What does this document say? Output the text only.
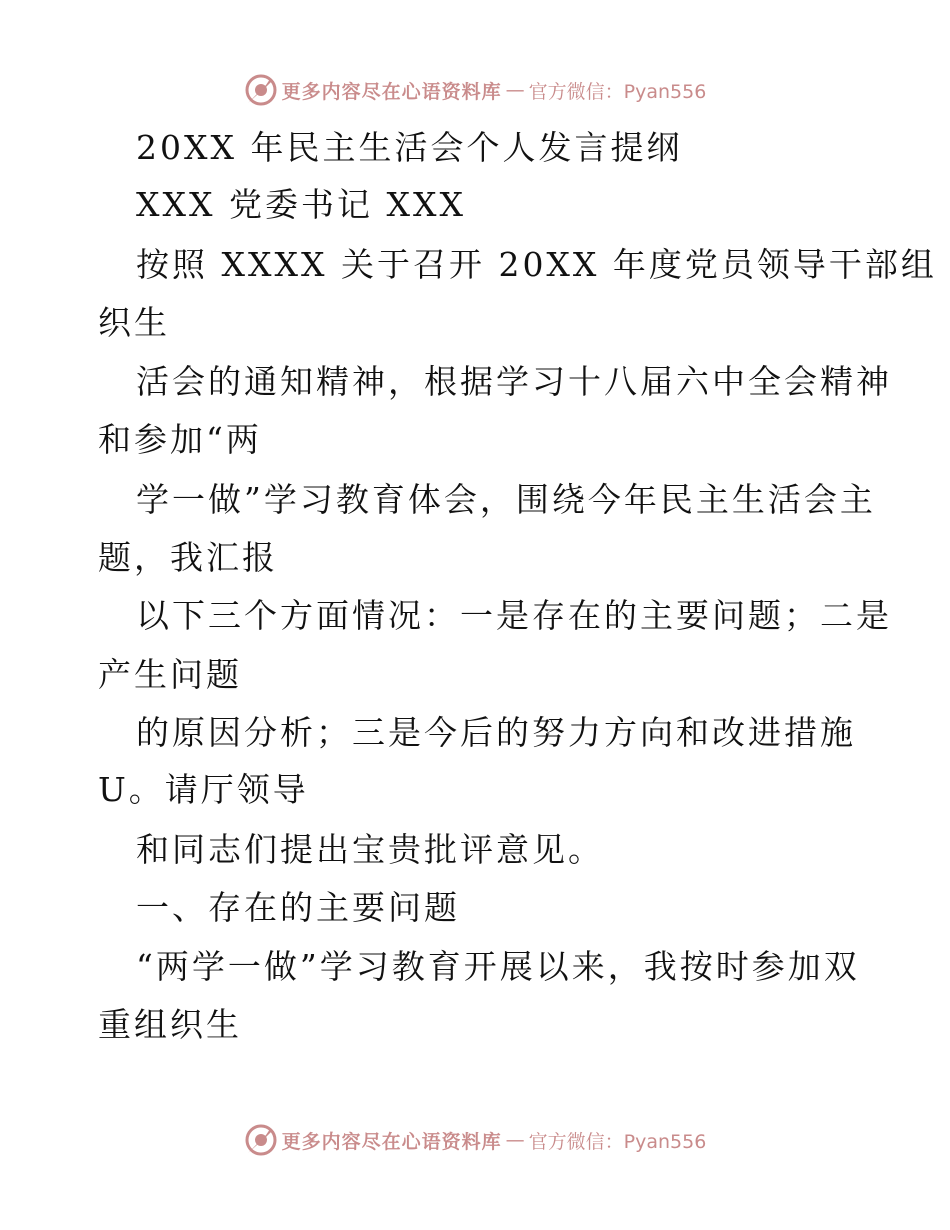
更多内容尽在心语资料库 — 官方微信：Pyan556
20XX 年民主生活会个人发言提纲
XXX 党委书记 XXX
按照 XXXX 关于召开 20XX 年度党员领导干部组
织生
活会的通知精神，根据学习十八届六中全会精神
和参加“两
学一做”学习教育体会，围绕今年民主生活会主
题，我汇报
以下三个方面情况：一是存在的主要问题；二是
产生问题
的原因分析；三是今后的努力方向和改进措施
U。请厅领导
和同志们提出宝贵批评意见。
一、存在的主要问题
“两学一做”学习教育开展以来，我按时参加双
重组织生
更多内容尽在心语资料库 — 官方微信：Pyan556
